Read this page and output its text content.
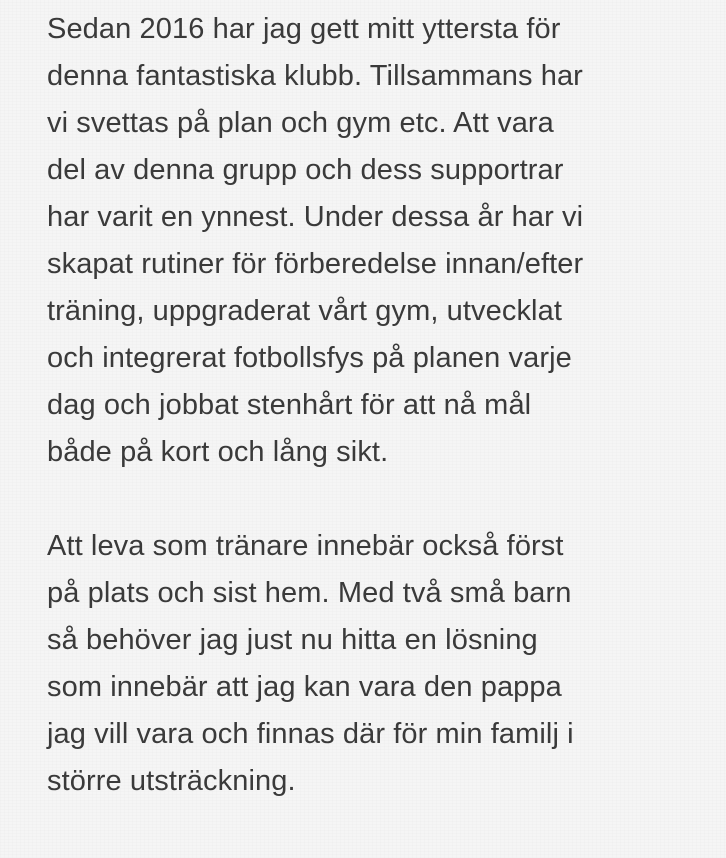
Sedan 2016 har jag gett mitt yttersta för
denna fantastiska klubb. Tillsammans har
vi svettas på plan och gym etc. Att vara
del av denna grupp och dess supportrar
har varit en ynnest. Under dessa år har vi
skapat rutiner för förberedelse innan/efter
träning, uppgraderat vårt gym, utvecklat
och integrerat fotbollsfys på planen varje
dag och jobbat stenhårt för att nå mål
både på kort och lång sikt.
Att leva som tränare innebär också först
på plats och sist hem. Med två små barn
så behöver jag just nu hitta en lösning
som innebär att jag kan vara den pappa
jag vill vara och finnas där för min familj i
större utsträckning.
